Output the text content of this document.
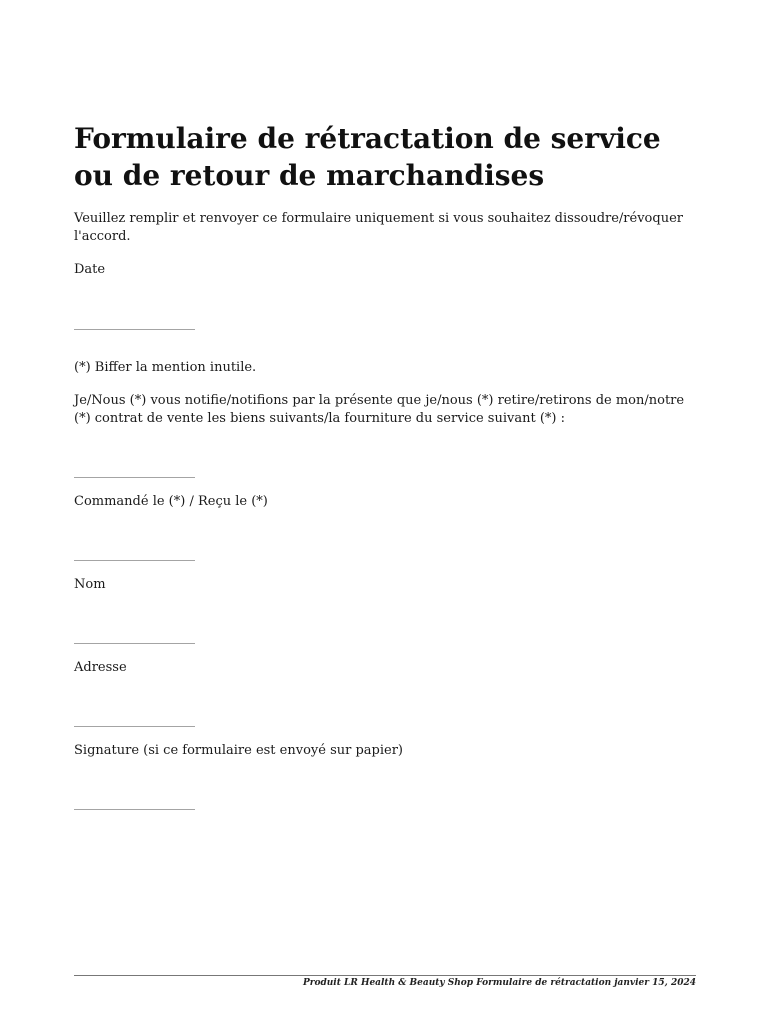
Formulaire de rétractation de service ou de retour de marchandises

Veuillez remplir et renvoyer ce formulaire uniquement si vous souhaitez dissoudre/révoquer l'accord.

Date

______________________

(*) Biffer la mention inutile.

Je/Nous (*) vous notifie/notifions par la présente que je/nous (*) retire/retirons de mon/notre (*) contrat de vente les biens suivants/la fourniture du service suivant (*) :

______________________

Commandé le (*) / Reçu le (*)

______________________

Nom

______________________

Adresse

______________________

Signature (si ce formulaire est envoyé sur papier)

______________________

Produit LR Health & Beauty Shop Formulaire de rétractation janvier 15, 2024
